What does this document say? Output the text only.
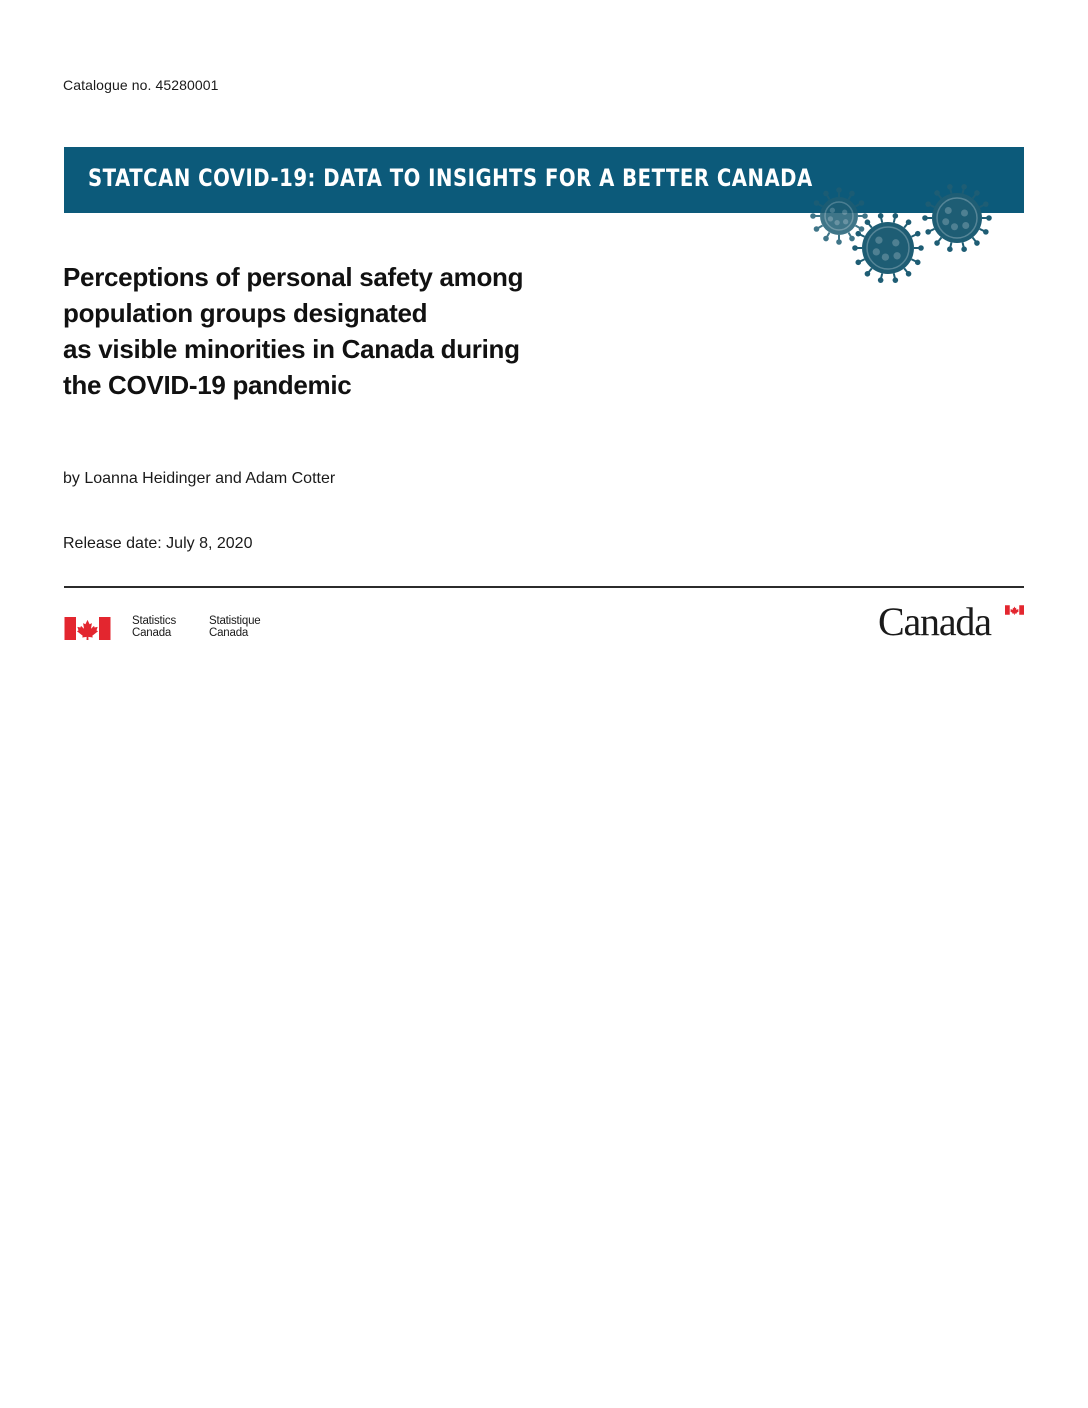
Catalogue no. 45280001
STATCAN COVID-19: DATA TO INSIGHTS FOR A BETTER CANADA
Perceptions of personal safety among
population groups designated
as visible minorities in Canada during
the COVID-19 pandemic
by Loanna Heidinger and Adam Cotter
Release date: July 8, 2020
Statistics
Canada
Statistique
Canada	Canada
